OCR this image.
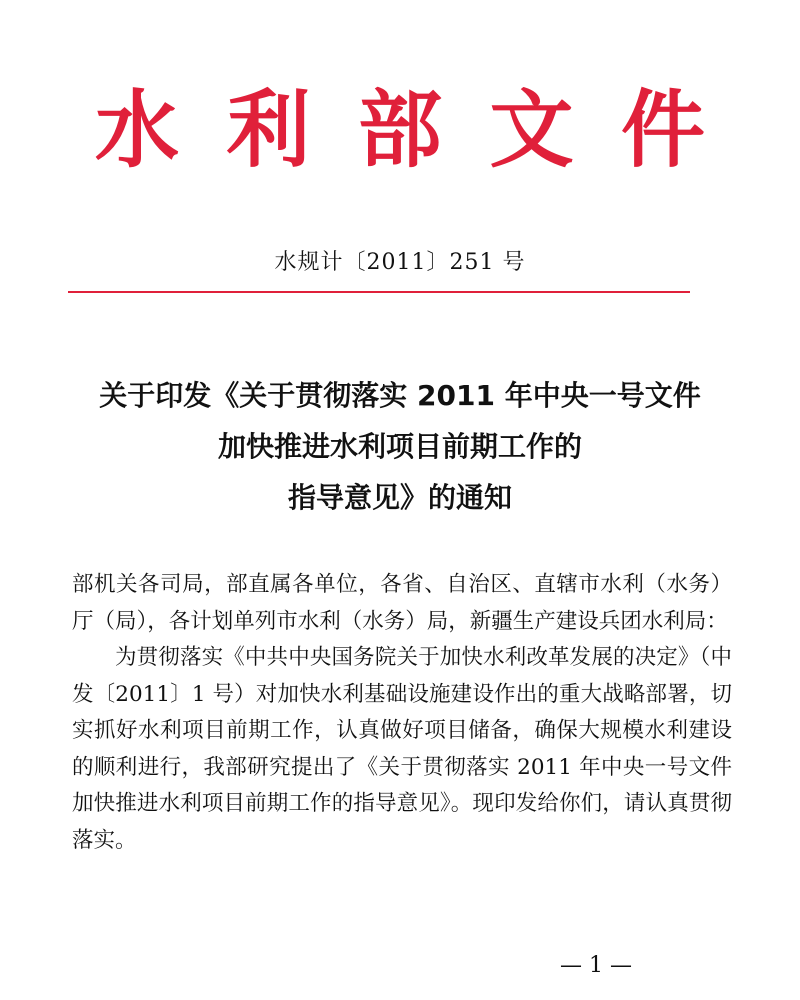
水 利 部 文 件
水规计〔2011〕251 号
关于印发《关于贯彻落实 2011 年中央一号文件
加快推进水利项目前期工作的
指导意见》的通知

部机关各司局，部直属各单位，各省、自治区、直辖市水利（水务）厅（局），各计划单列市水利（水务）局，新疆生产建设兵团水利局：

为贯彻落实《中共中央国务院关于加快水利改革发展的决定》（中发〔2011〕1 号）对加快水利基础设施建设作出的重大战略部署，切实抓好水利项目前期工作，认真做好项目储备，确保大规模水利建设的顺利进行，我部研究提出了《关于贯彻落实 2011 年中央一号文件加快推进水利项目前期工作的指导意见》。现印发给你们，请认真贯彻落实。

— 1 —
